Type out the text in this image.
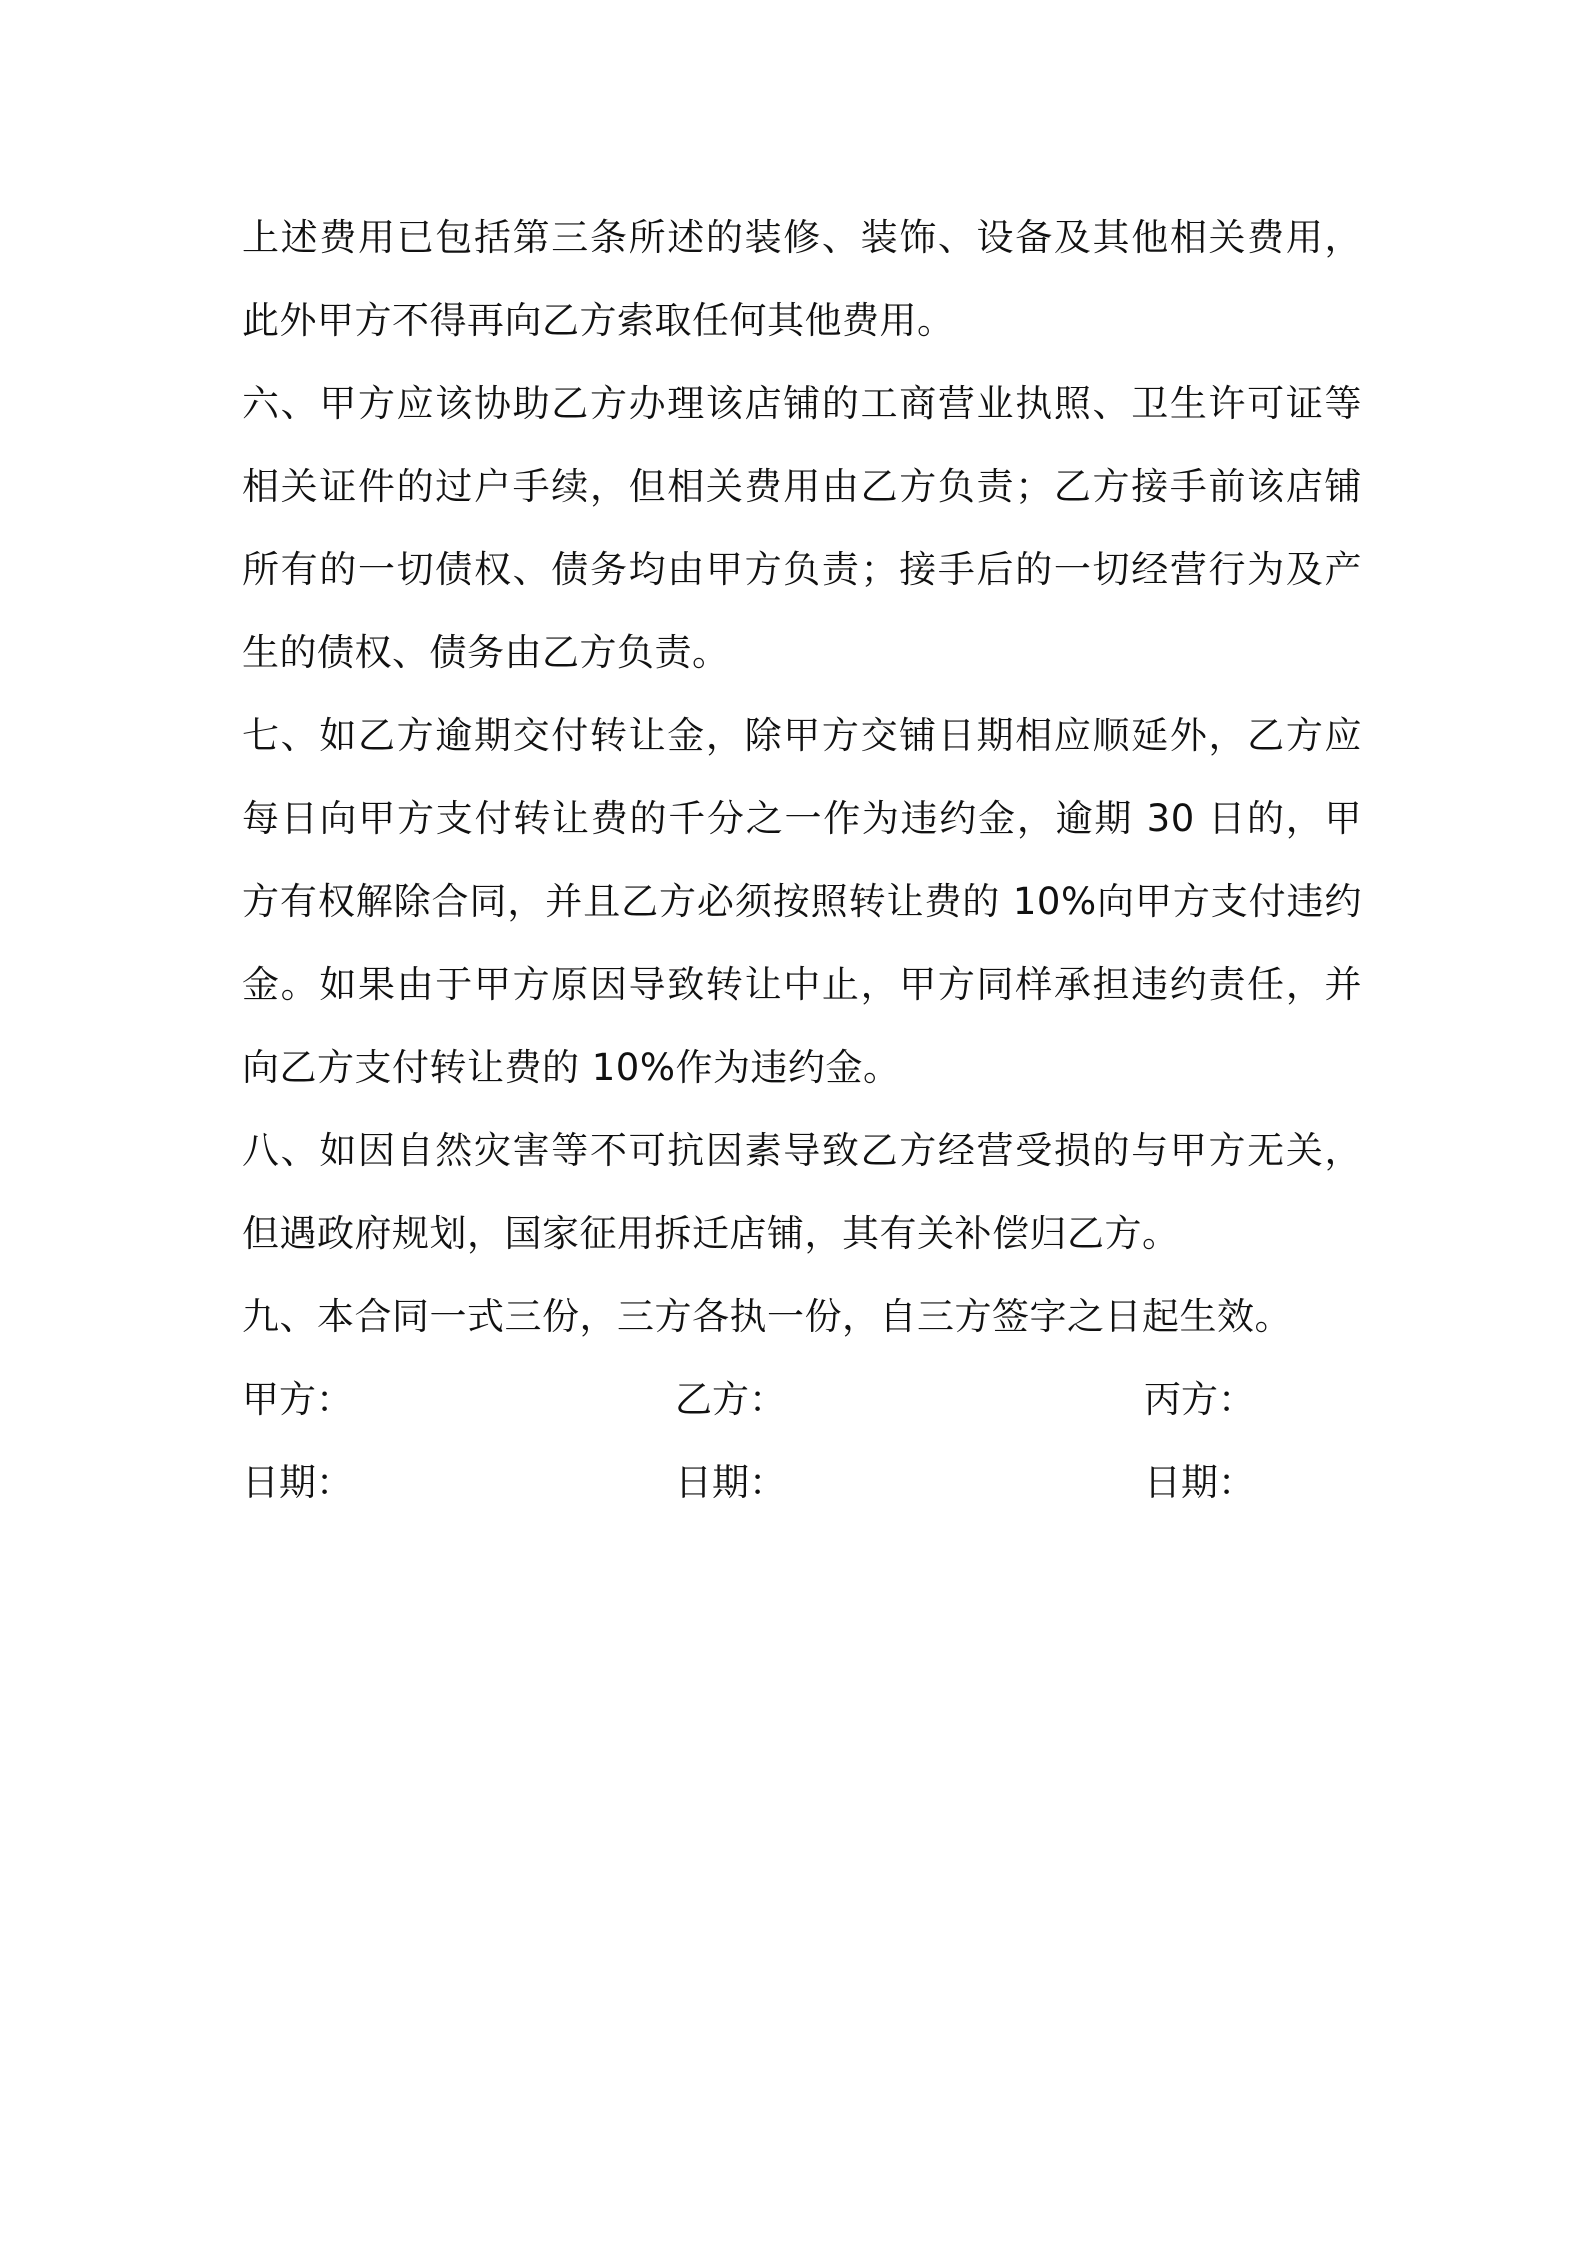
上述费用已包括第三条所述的装修、装饰、设备及其他相关费用，此外甲方不得再向乙方索取任何其他费用。

六、甲方应该协助乙方办理该店铺的工商营业执照、卫生许可证等相关证件的过户手续，但相关费用由乙方负责；乙方接手前该店铺所有的一切债权、债务均由甲方负责；接手后的一切经营行为及产生的债权、债务由乙方负责。

七、如乙方逾期交付转让金，除甲方交铺日期相应顺延外，乙方应每日向甲方支付转让费的千分之一作为违约金，逾期 30 日的，甲方有权解除合同，并且乙方必须按照转让费的 10%向甲方支付违约金。如果由于甲方原因导致转让中止，甲方同样承担违约责任，并向乙方支付转让费的 10%作为违约金。

八、如因自然灾害等不可抗因素导致乙方经营受损的与甲方无关，但遇政府规划，国家征用拆迁店铺，其有关补偿归乙方。

九、本合同一式三份，三方各执一份，自三方签字之日起生效。

甲方：	乙方：	丙方：
日期：	日期：	日期：
